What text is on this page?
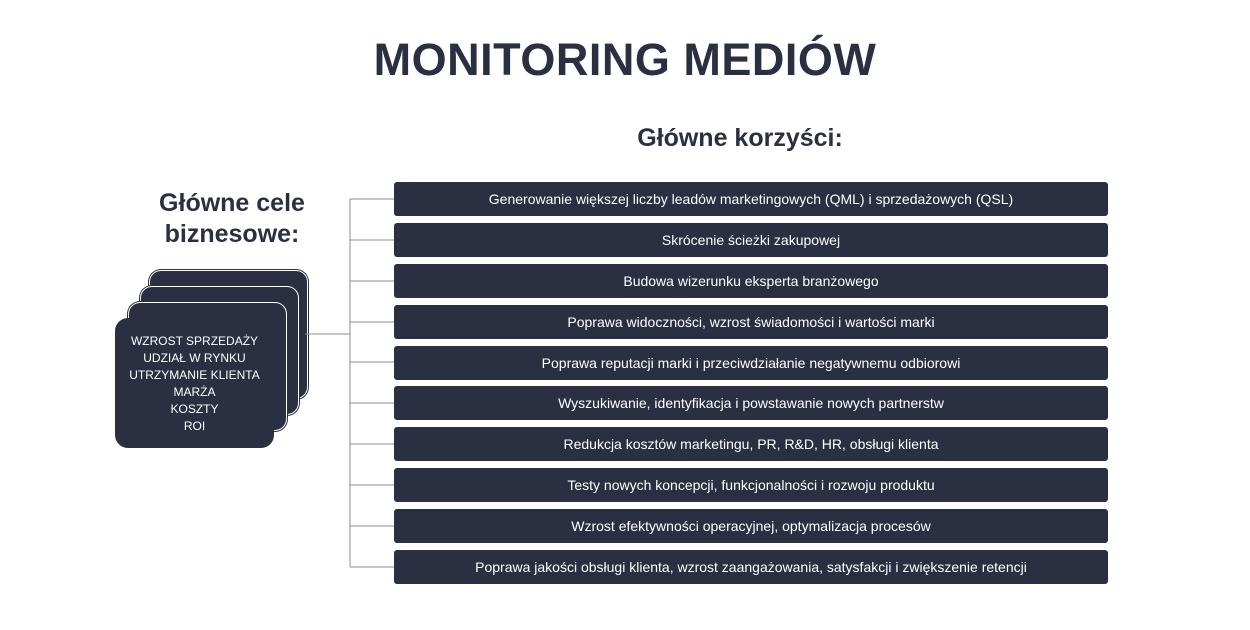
MONITORING MEDIÓW
Główne korzyści:
Główne cele biznesowe:
WZROST SPRZEDAŻY
UDZIAŁ W RYNKU
UTRZYMANIE KLIENTA
MARŻA
KOSZTY
ROI
Generowanie większej liczby leadów marketingowych (QML) i sprzedażowych (QSL)
Skrócenie ścieżki zakupowej
Budowa wizerunku eksperta branżowego
Poprawa widoczności, wzrost świadomości i wartości marki
Poprawa reputacji marki i przeciwdziałanie negatywnemu odbiorowi
Wyszukiwanie, identyfikacja i powstawanie nowych partnerstw
Redukcja kosztów marketingu, PR, R&D, HR, obsługi klienta
Testy nowych koncepcji, funkcjonalności i rozwoju produktu
Wzrost efektywności operacyjnej, optymalizacja procesów
Poprawa jakości obsługi klienta, wzrost zaangażowania, satysfakcji i zwiększenie retencji
